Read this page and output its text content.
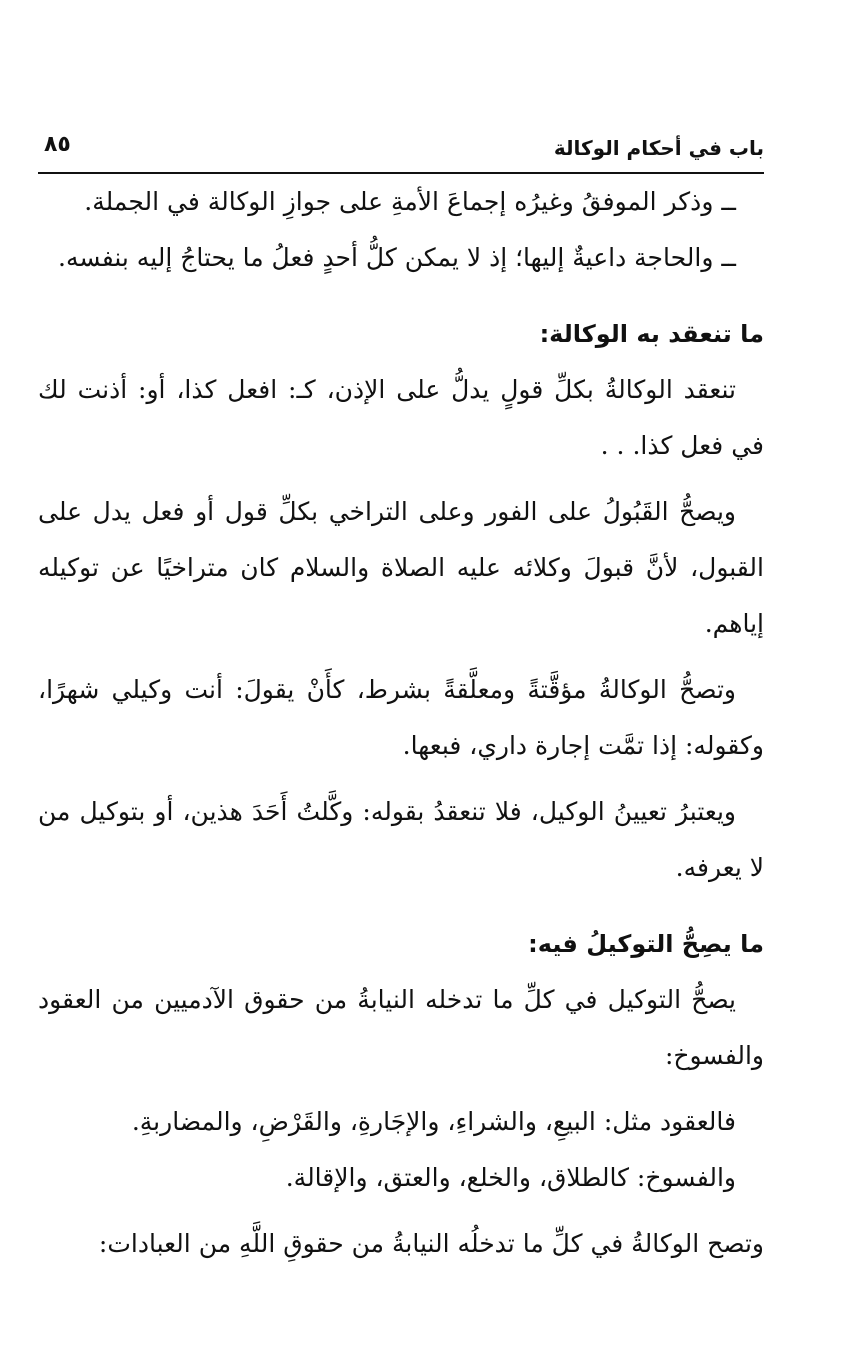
باب في أحكام الوكالة
٨٥

ــ وذكر الموفقُ وغيرُه إجماعَ الأمةِ على جوازِ الوكالة في الجملة.

ــ والحاجة داعيةٌ إليها؛ إذ لا يمكن كلُّ أحدٍ فعلُ ما يحتاجُ إليه بنفسه.

ما تنعقد به الوكالة:

تنعقد الوكالةُ بكلِّ قولٍ يدلُّ على الإذن، كـ: افعل كذا، أو: أذنت لك في فعل كذا. . .

ويصحُّ القَبُولُ على الفور وعلى التراخي بكلِّ قول أو فعل يدل على القبول، لأنَّ قبولَ وكلائه عليه الصلاة والسلام كان متراخيًا عن توكيله إياهم.

وتصحُّ الوكالةُ مؤقَّتةً ومعلَّقةً بشرط، كأَنْ يقولَ: أنت وكيلي شهرًا، وكقوله: إذا تمَّت إجارة داري، فبعها.

ويعتبرُ تعيينُ الوكيل، فلا تنعقدُ بقوله: وكَّلتُ أَحَدَ هذين، أو بتوكيل من لا يعرفه.

ما يصِحُّ التوكيلُ فيه:

يصحُّ التوكيل في كلِّ ما تدخله النيابةُ من حقوق الآدميين من العقود والفسوخ:

فالعقود مثل: البيعِ، والشراءِ، والإجَارةِ، والقَرْضِ، والمضاربةِ.

والفسوخ: كالطلاق، والخلع، والعتق، والإقالة.

وتصح الوكالةُ في كلِّ ما تدخلُه النيابةُ من حقوقِ اللَّهِ من العبادات:
